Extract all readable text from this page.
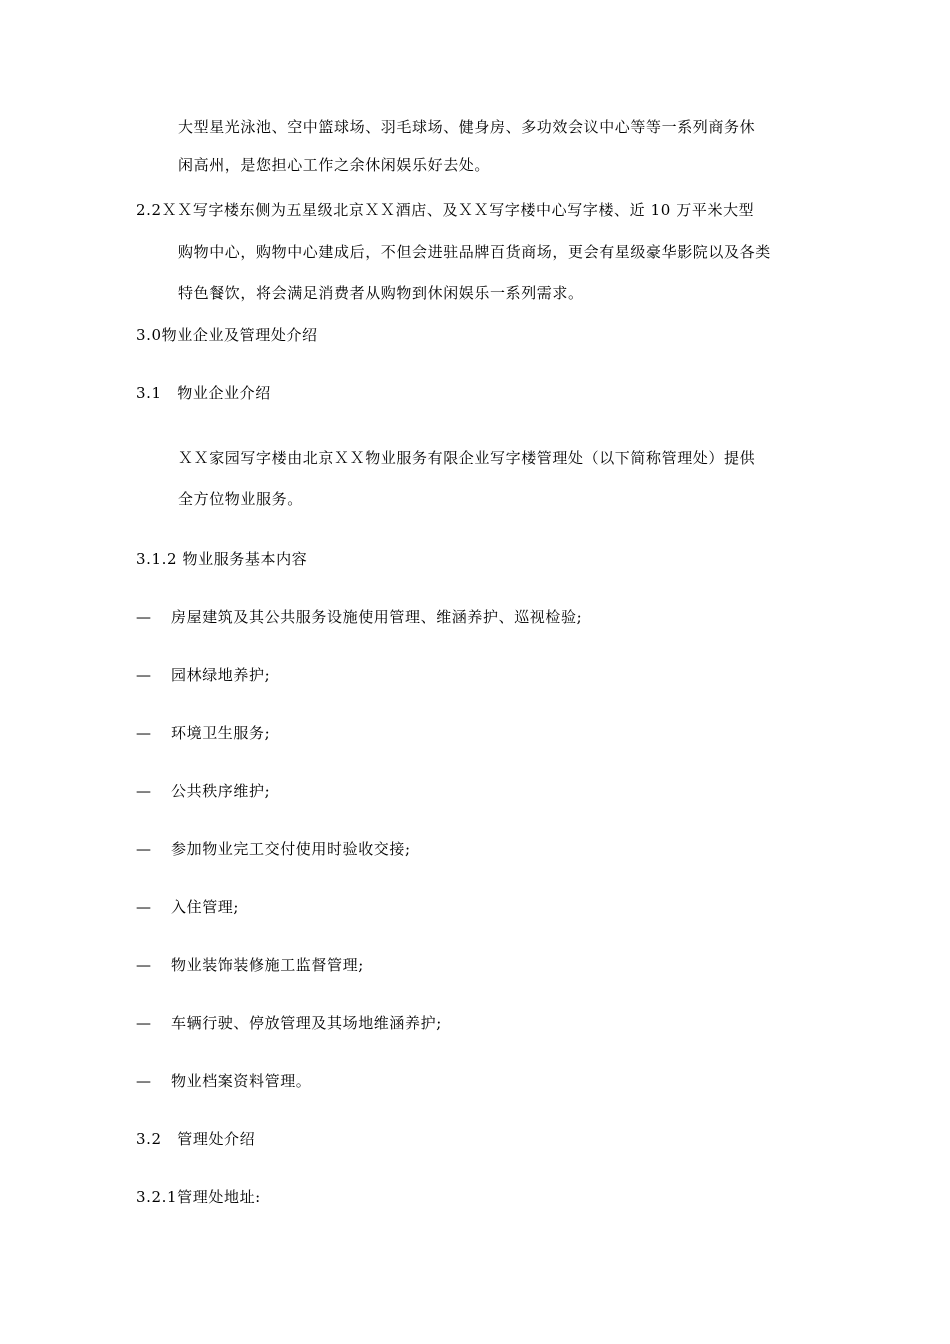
大型星光泳池、空中篮球场、羽毛球场、健身房、多功效会议中心等等一系列商务休
闲高州，是您担心工作之余休闲娱乐好去处。
2.2ＸＸ写字楼东侧为五星级北京ＸＸ酒店、及ＸＸ写字楼中心写字楼、近 10 万平米大型
购物中心，购物中心建成后，不但会进驻品牌百货商场，更会有星级豪华影院以及各类
特色餐饮，将会满足消费者从购物到休闲娱乐一系列需求。
3.0物业企业及管理处介绍
3.1　物业企业介绍
ＸＸ家园写字楼由北京ＸＸ物业服务有限企业写字楼管理处（以下简称管理处）提供
全方位物业服务。
3.1.2 物业服务基本内容
— 房屋建筑及其公共服务设施使用管理、维涵养护、巡视检验;
— 园林绿地养护;
— 环境卫生服务;
— 公共秩序维护;
— 参加物业完工交付使用时验收交接;
— 入住管理;
— 物业装饰装修施工监督管理;
— 车辆行驶、停放管理及其场地维涵养护;
— 物业档案资料管理。
3.2　管理处介绍
3.2.1管理处地址:
